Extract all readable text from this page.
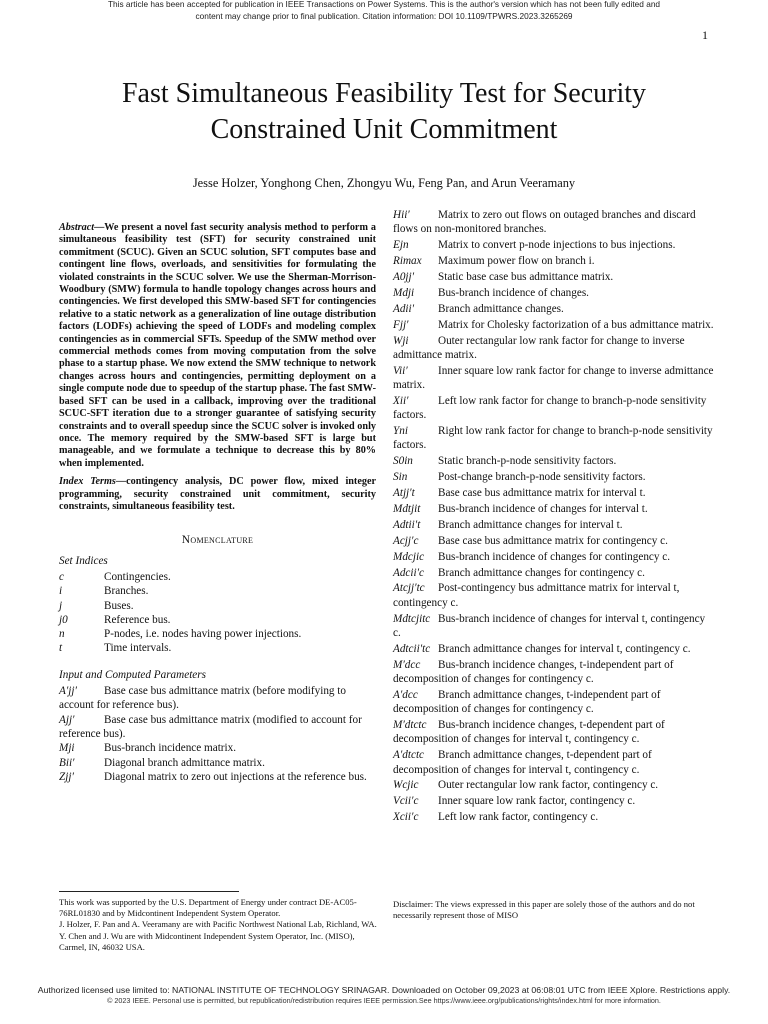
This article has been accepted for publication in IEEE Transactions on Power Systems. This is the author's version which has not been fully edited and
content may change prior to final publication. Citation information: DOI 10.1109/TPWRS.2023.3265269
1
Fast Simultaneous Feasibility Test for Security
Constrained Unit Commitment
Jesse Holzer, Yonghong Chen, Zhongyu Wu, Feng Pan, and Arun Veeramany

Abstract—We present a novel fast security analysis method to perform a simultaneous feasibility test (SFT) for security constrained unit commitment (SCUC). Given an SCUC solution, SFT computes base and contingent line flows, overloads, and sensitivities for formulating the violated constraints in the SCUC solver. We use the Sherman-Morrison-Woodbury (SMW) formula to handle topology changes across hours and contingencies. We first developed this SMW-based SFT for contingencies relative to a static network as a generalization of line outage distribution factors (LODFs) achieving the speed of LODFs and modeling complex contingencies as in commercial SFTs. Speedup of the SMW method over commercial methods comes from moving computation from the solve phase to a startup phase. We now extend the SMW technique to network changes across hours and contingencies, permitting deployment on a single compute node due to speedup of the startup phase. The fast SMW-based SFT can be used in a callback, improving over the traditional SCUC-SFT iteration due to a stronger guarantee of satisfying security constraints and to overall speedup since the SCUC solver is invoked only once. The memory required by the SMW-based SFT is large but manageable, and we formulate a technique to decrease this by 80% when implemented.

Index Terms—contingency analysis, DC power flow, mixed integer programming, security constrained unit commitment, security constraints, simultaneous feasibility test.

Nomenclature
Set Indices
c	Contingencies.
i	Branches.
j	Buses.
j0	Reference bus.
n	P-nodes, i.e. nodes having power injections.
t	Time intervals.
Input and Computed Parameters
A′jj′ Base case bus admittance matrix (before modifying to account for reference bus).
Ajj′	Base case bus admittance matrix (modified to account for reference bus).
Mji	Bus-branch incidence matrix.
Bii′	Diagonal branch admittance matrix.
Zjj′	Diagonal matrix to zero out injections at the reference bus.
Hii′	Matrix to zero out flows on outaged branches and discard flows on non-monitored branches.
Ejn	Matrix to convert p-node injections to bus injections.
Rimax Maximum power flow on branch i.
A0jj′ Static base case bus admittance matrix.
Mdji Bus-branch incidence of changes.
Adii′ Branch admittance changes.
Fjj′	Matrix for Cholesky factorization of a bus admittance matrix.
Wji	Outer rectangular low rank factor for change to inverse admittance matrix.
Vii′	Inner square low rank factor for change to inverse admittance matrix.
Xii′	Left low rank factor for change to branch-p-node sensitivity factors.
Yni	Right low rank factor for change to branch-p-node sensitivity factors.
S0in Static branch-p-node sensitivity factors.
Sin	Post-change branch-p-node sensitivity factors.
Atjj′t Base case bus admittance matrix for interval t.
Mdtjit Bus-branch incidence of changes for interval t.
Adtii′t Branch admittance changes for interval t.
Acjj′c Base case bus admittance matrix for contingency c.
Mdcjic Bus-branch incidence of changes for contingency c.
Adcii′c Branch admittance changes for contingency c.
Atcjj′tc Post-contingency bus admittance matrix for interval t, contingency c.
Mdtcjitc Bus-branch incidence of changes for interval t, contingency c.
Adtcii′tc Branch admittance changes for interval t, contingency c.
M′dcc Bus-branch incidence changes, t-independent part of decomposition of changes for contingency c.
A′dcc Branch admittance changes, t-independent part of decomposition of changes for contingency c.
M′dtctc Bus-branch incidence changes, t-dependent part of decomposition of changes for interval t, contingency c.
A′dtctc Branch admittance changes, t-dependent part of decomposition of changes for interval t, contingency c.
Wcjic Outer rectangular low rank factor, contingency c.
Vcii′c Inner square low rank factor, contingency c.
Xcii′c Left low rank factor, contingency c.
This work was supported by the U.S. Department of Energy under contract DE-AC05-76RL01830 and by Midcontinent Independent System Operator.
J. Holzer, F. Pan and A. Veeramany are with Pacific Northwest National Lab, Richland, WA. Y. Chen and J. Wu are with Midcontinent Independent System Operator, Inc. (MISO), Carmel, IN, 46032 USA.
Disclaimer: The views expressed in this paper are solely those of the authors and do not necessarily represent those of MISO
Authorized licensed use limited to: NATIONAL INSTITUTE OF TECHNOLOGY SRINAGAR. Downloaded on October 09,2023 at 06:08:01 UTC from IEEE Xplore. Restrictions apply.
© 2023 IEEE. Personal use is permitted, but republication/redistribution requires IEEE permission.See https://www.ieee.org/publications/rights/index.html for more information.
